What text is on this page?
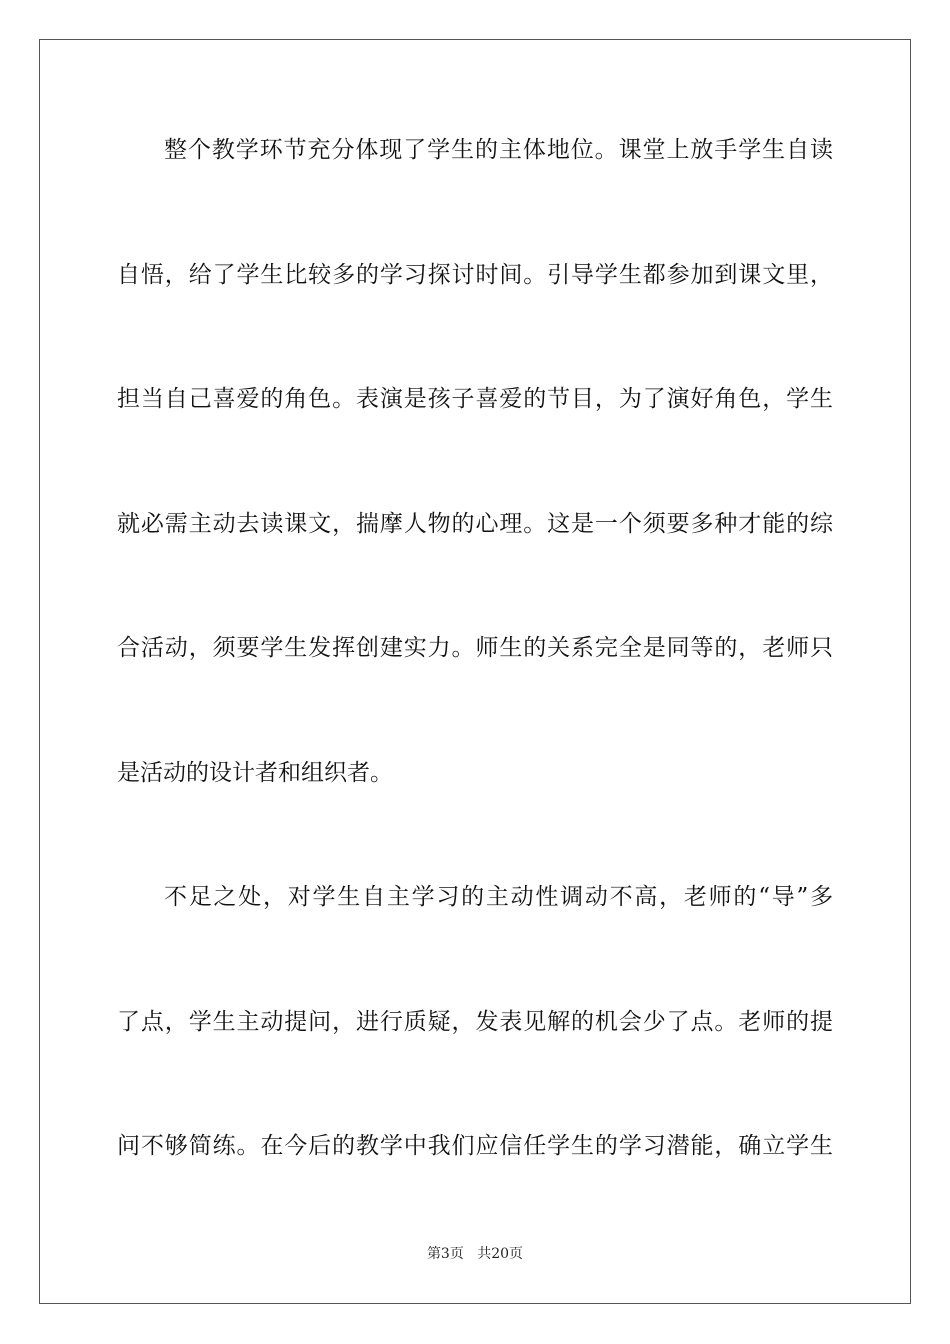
整个教学环节充分体现了学生的主体地位。课堂上放手学生自读
自悟，给了学生比较多的学习探讨时间。引导学生都参加到课文里，
担当自己喜爱的角色。表演是孩子喜爱的节目，为了演好角色，学生
就必需主动去读课文，揣摩人物的心理。这是一个须要多种才能的综
合活动，须要学生发挥创建实力。师生的关系完全是同等的，老师只
是活动的设计者和组织者。
不足之处，对学生自主学习的主动性调动不高，老师的“导”多
了点，学生主动提问，进行质疑，发表见解的机会少了点。老师的提
问不够简练。在今后的教学中我们应信任学生的学习潜能，确立学生
第3页 共20页
